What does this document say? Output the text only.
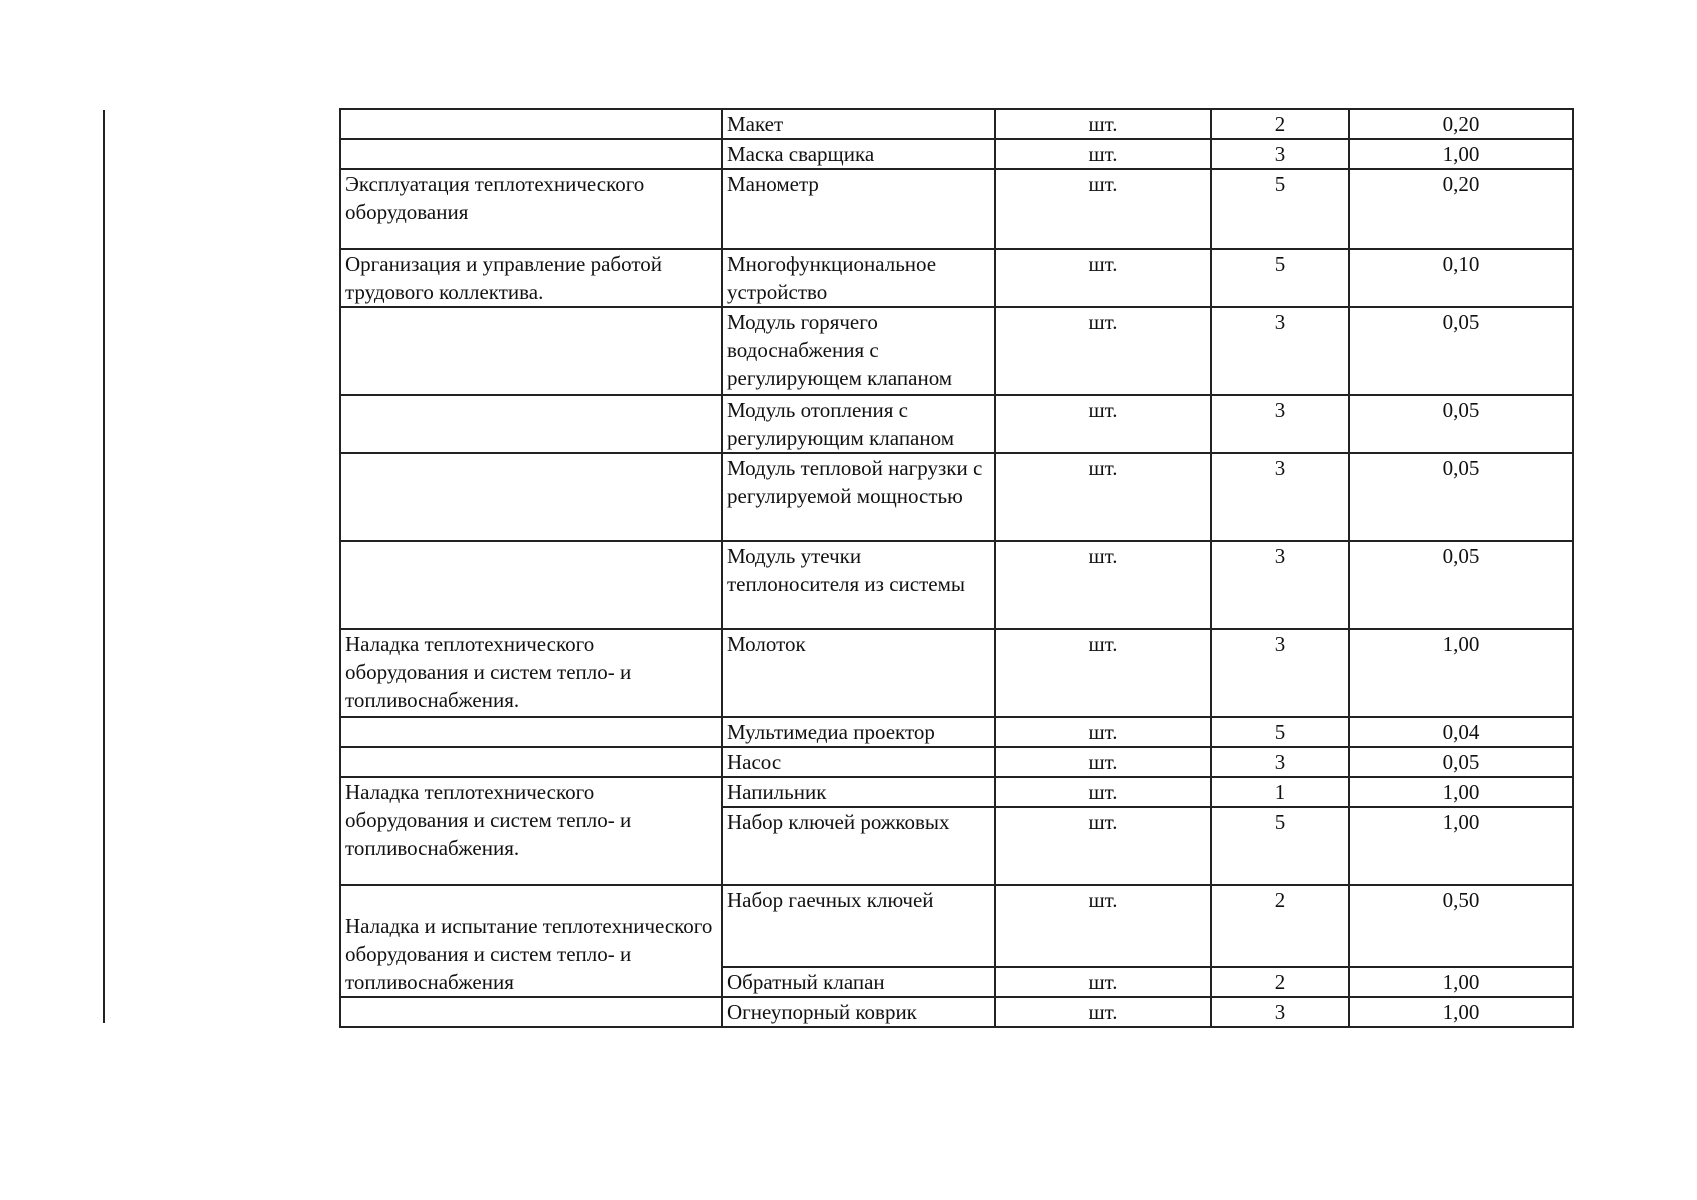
	Макет	шт.	2	0,20
	Маска сварщика	шт.	3	1,00
Эксплуатация теплотехнического оборудования	Манометр	шт.	5	0,20
Организация и управление работой трудового коллектива.	Многофункциональное устройство	шт.	5	0,10
	Модуль горячего водоснабжения с регулирующем клапаном	шт.	3	0,05
	Модуль отопления с регулирующим клапаном	шт.	3	0,05
	Модуль тепловой нагрузки с регулируемой мощностью	шт.	3	0,05
	Модуль утечки теплоносителя из системы	шт.	3	0,05
Наладка теплотехнического оборудования и систем тепло- и топливоснабжения.	Молоток	шт.	3	1,00
	Мультимедиа проектор	шт.	5	0,04
	Насос	шт.	3	0,05
Наладка теплотехнического оборудования и систем тепло- и топливоснабжения.	Напильник	шт.	1	1,00
	Набор ключей рожковых	шт.	5	1,00
Наладка и испытание теплотехнического оборудования и систем тепло- и топливоснабжения	Набор гаечных ключей	шт.	2	0,50
	Обратный клапан	шт.	2	1,00
	Огнеупорный коврик	шт.	3	1,00
